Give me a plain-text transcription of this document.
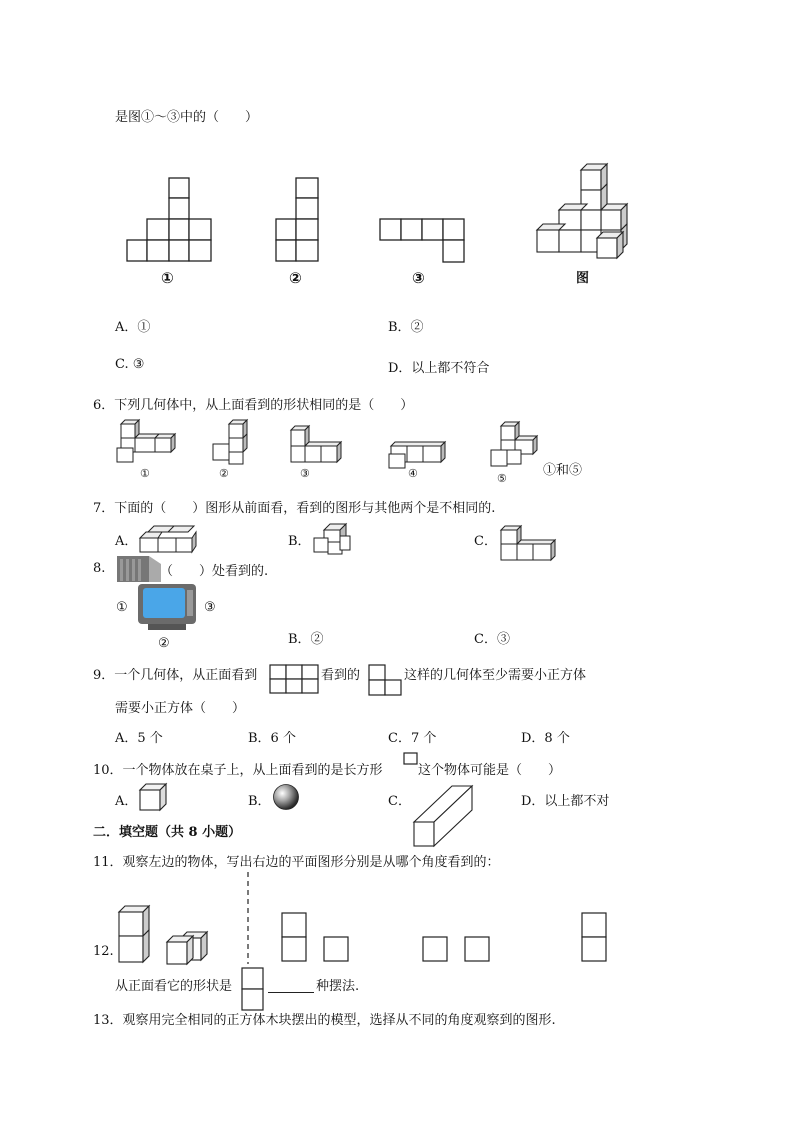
是图①～③中的（　　）
①	②	③	图
A．①	B．②
C. ③	D．以上都不符合
6．下列几何体中，从上面看到的形状相同的是（　　）
①	②	③	④	⑤
①和⑤
7．下面的（　　）图形从前面看，看到的图形与其他两个是不相同的.
A．	B．	C．
8.	（　　）处看到的.
①	③
②	B．②	C．③
9．一个几何体，从正面看到	看到的	这样的几何体至少需要小正方体
需要小正方体（　　）
A．5 个	B．6 个	C．7 个	D．8 个
10．一个物体放在桌子上，从上面看到的是长方形	这个物体可能是（　　）
A．	B．	C．	D．以上都不对
二．填空题（共 8 小题）
11．观察左边的物体，写出右边的平面图形分别是从哪个角度看到的：
12.
从正面看它的形状是	种摆法.
13．观察用完全相同的正方体木块摆出的模型，选择从不同的角度观察到的图形.
